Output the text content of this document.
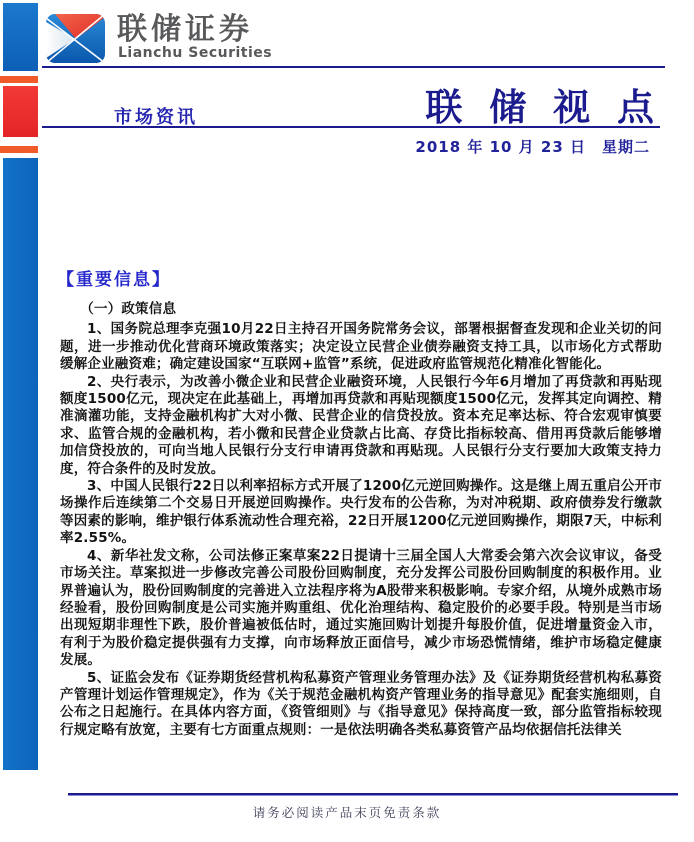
联储证券
Lianchu Securities
市场资讯	联 储 视 点
2018 年 10 月 23 日　星期二
【重要信息】
（一）政策信息

1、国务院总理李克强10月22日主持召开国务院常务会议，部署根据督查发现和企业关切的问题，进一步推动优化营商环境政策落实；决定设立民营企业债券融资支持工具，以市场化方式帮助缓解企业融资难；确定建设国家“互联网+监管”系统，促进政府监管规范化精准化智能化。

2、央行表示，为改善小微企业和民营企业融资环境，人民银行今年6月增加了再贷款和再贴现额度1500亿元，现决定在此基础上，再增加再贷款和再贴现额度1500亿元，发挥其定向调控、精准滴灌功能，支持金融机构扩大对小微、民营企业的信贷投放。资本充足率达标、符合宏观审慎要求、监管合规的金融机构，若小微和民营企业贷款占比高、存贷比指标较高、借用再贷款后能够增加信贷投放的，可向当地人民银行分支行申请再贷款和再贴现。人民银行分支行要加大政策支持力度，符合条件的及时发放。

3、中国人民银行22日以利率招标方式开展了1200亿元逆回购操作。这是继上周五重启公开市场操作后连续第二个交易日开展逆回购操作。央行发布的公告称，为对冲税期、政府债券发行缴款等因素的影响，维护银行体系流动性合理充裕，22日开展1200亿元逆回购操作，期限7天，中标利率2.55%。

4、新华社发文称，公司法修正案草案22日提请十三届全国人大常委会第六次会议审议，备受市场关注。草案拟进一步修改完善公司股份回购制度，充分发挥公司股份回购制度的积极作用。业界普遍认为，股份回购制度的完善进入立法程序将为A股带来积极影响。专家介绍，从境外成熟市场经验看，股份回购制度是公司实施并购重组、优化治理结构、稳定股价的必要手段。特别是当市场出现短期非理性下跌，股价普遍被低估时，通过实施回购计划提升每股价值，促进增量资金入市，有利于为股价稳定提供强有力支撑，向市场释放正面信号，减少市场恐慌情绪，维护市场稳定健康发展。

5、证监会发布《证券期货经营机构私募资产管理业务管理办法》及《证券期货经营机构私募资产管理计划运作管理规定》，作为《关于规范金融机构资产管理业务的指导意见》配套实施细则，自公布之日起施行。在具体内容方面，《资管细则》与《指导意见》保持高度一致，部分监管指标较现行规定略有放宽，主要有七方面重点规则：一是依法明确各类私募资管产品均依据信托法律关

请务必阅读产品末页免责条款
